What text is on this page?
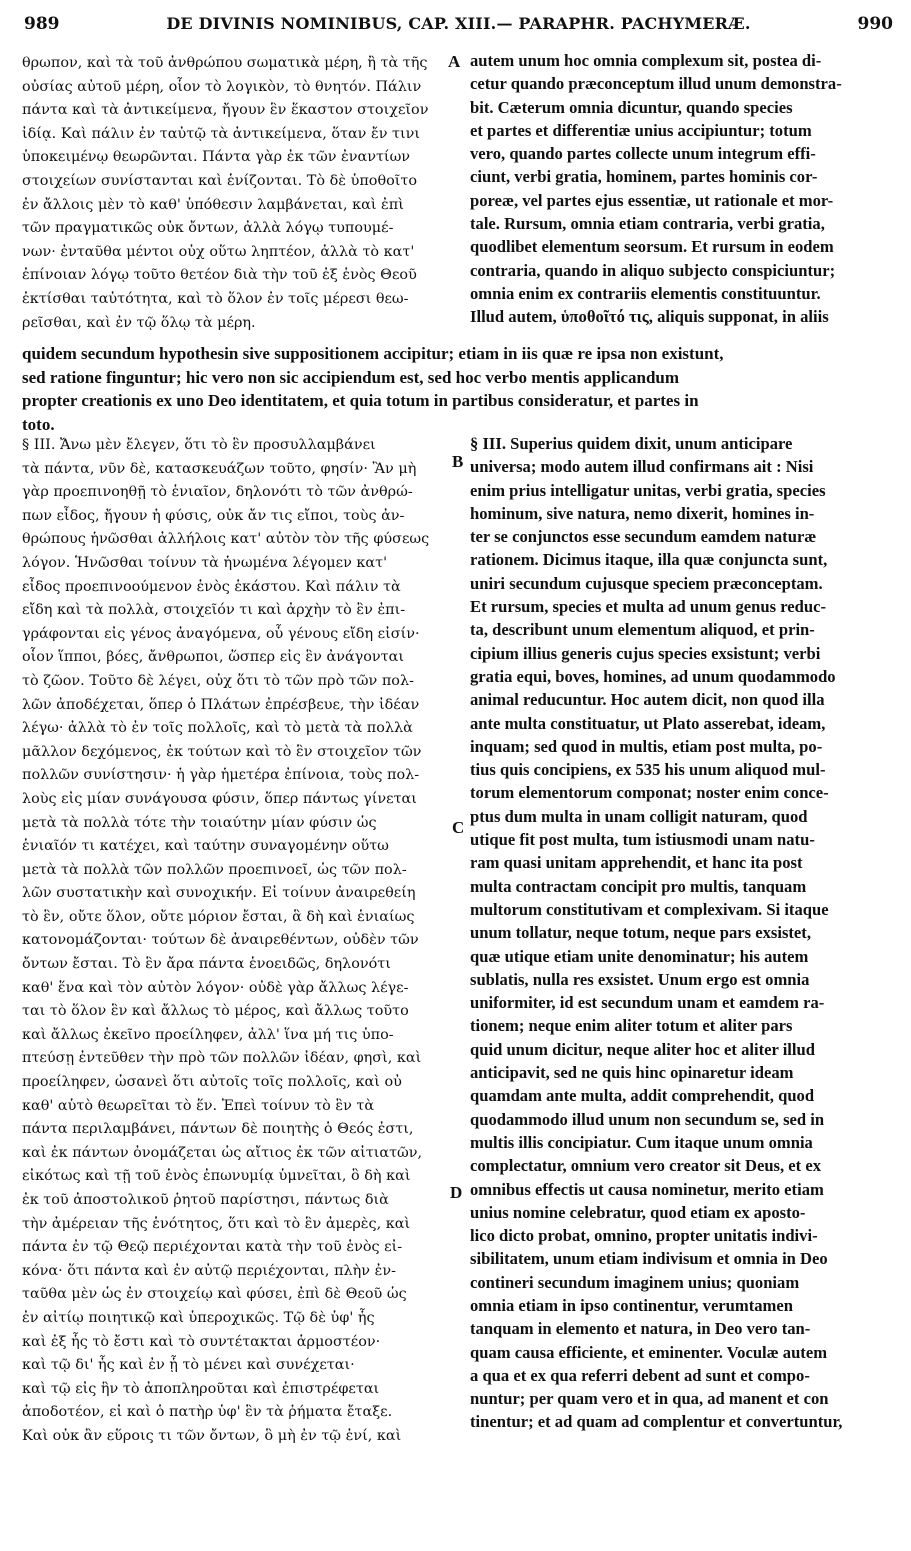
989	DE DIVINIS NOMINIBUS, CAP. XIII.— PARAPHR. PACHYMERÆ.	990
θρωπον, καὶ τὰ τοῦ ἀνθρώπου σωματικὰ μέρη, ἢ τὰ τῆς
οὐσίας αὐτοῦ μέρη, οἷον τὸ λογικὸν, τὸ θνητόν. Πάλιν
πάντα καὶ τὰ ἀντικείμενα, ἤγουν ἓν ἕκαστον στοιχεῖον
ἰδίᾳ. Καὶ πάλιν ἐν ταὐτῷ τὰ ἀντικείμενα, ὅταν ἔν τινι
ὑποκειμένῳ θεωρῶνται. Πάντα γὰρ ἐκ τῶν ἐναντίων
στοιχείων συνίστανται καὶ ἑνίζονται. Τὸ δὲ ὑποθοῖτο
ἐν ἄλλοις μὲν τὸ καθ' ὑπόθεσιν λαμβάνεται, καὶ ἐπὶ
τῶν πραγματικῶς οὐκ ὄντων, ἀλλὰ λόγῳ τυπουμέ-
νων· ἐνταῦθα μέντοι οὐχ οὕτω ληπτέον, ἀλλὰ τὸ κατ'
ἐπίνοιαν λόγῳ τοῦτο θετέον διὰ τὴν τοῦ ἐξ ἑνὸς Θεοῦ
ἐκτίσθαι ταὐτότητα, καὶ τὸ ὅλον ἐν τοῖς μέρεσι θεω-
ρεῖσθαι, καὶ ἐν τῷ ὅλῳ τὰ μέρη.
autem unum hoc omnia complexum sit, postea di-
cetur quando præconceptum illud unum demonstra-
bit. Cæterum omnia dicuntur, quando species
et partes et differentiæ unius accipiuntur; totum
vero, quando partes collecte unum integrum effi-
ciunt, verbi gratia, hominem, partes hominis cor-
poreæ, vel partes ejus essentiæ, ut rationale et mor-
tale. Rursum, omnia etiam contraria, verbi gratia,
quodlibet elementum seorsum. Et rursum in eodem
contraria, quando in aliquo subjecto conspiciuntur;
omnia enim ex contrariis elementis constituuntur.
Illud autem, ὑποθοῖτό τις, aliquis supponat, in aliis
A
quidem secundum hypothesin sive suppositionem accipitur; etiam in iis quæ re ipsa non existunt,
sed ratione finguntur; hic vero non sic accipiendum est, sed hoc verbo mentis applicandum
propter creationis ex uno Deo identitatem, et quia totum in partibus consideratur, et partes in
toto.
§ III. Ἄνω μὲν ἔλεγεν, ὅτι τὸ ἓν προσυλλαμβάνει
τὰ πάντα, νῦν δὲ, κατασκευάζων τοῦτο, φησίν· Ἂν μὴ
γὰρ προεπινοηθῇ τὸ ἑνιαῖον, δηλονότι τὸ τῶν ἀνθρώ-
πων εἶδος, ἤγουν ἡ φύσις, οὐκ ἄν τις εἴποι, τοὺς ἀν-
θρώπους ἡνῶσθαι ἀλλήλοις κατ' αὐτὸν τὸν τῆς φύσεως
λόγον. Ἡνῶσθαι τοίνυν τὰ ἡνωμένα λέγομεν κατ'
εἶδος προεπινοούμενον ἑνὸς ἑκάστου. Καὶ πάλιν τὰ
εἴδη καὶ τὰ πολλὰ, στοιχεῖόν τι καὶ ἀρχὴν τὸ ἓν ἐπι-
γράφονται εἰς γένος ἀναγόμενα, οὗ γένους εἴδη εἰσίν·
οἷον ἵπποι, βόες, ἄνθρωποι, ὥσπερ εἰς ἓν ἀνάγονται
τὸ ζῶον. Τοῦτο δὲ λέγει, οὐχ ὅτι τὸ τῶν πρὸ τῶν πολ-
λῶν ἀποδέχεται, ὅπερ ὁ Πλάτων ἐπρέσβευε, τὴν ἰδέαν
λέγω· ἀλλὰ τὸ ἐν τοῖς πολλοῖς, καὶ τὸ μετὰ τὰ πολλὰ
μᾶλλον δεχόμενος, ἐκ τούτων καὶ τὸ ἓν στοιχεῖον τῶν
πολλῶν συνίστησιν· ἡ γὰρ ἡμετέρα ἐπίνοια, τοὺς πολ-
λοὺς εἰς μίαν συνάγουσα φύσιν, ὅπερ πάντως γίνεται
μετὰ τὰ πολλὰ τότε τὴν τοιαύτην μίαν φύσιν ὡς
ἑνιαῖόν τι κατέχει, καὶ ταύτην συναγομένην οὕτω
μετὰ τὰ πολλὰ τῶν πολλῶν προεπινοεῖ, ὡς τῶν πολ-
λῶν συστατικὴν καὶ συνοχικήν. Εἰ τοίνυν ἀναιρεθείη
τὸ ἓν, οὔτε ὅλον, οὔτε μόριον ἔσται, ἃ δὴ καὶ ἑνιαίως
κατονομάζονται· τούτων δὲ ἀναιρεθέντων, οὐδὲν τῶν
ὄντων ἔσται. Τὸ ἓν ἄρα πάντα ἑνοειδῶς, δηλονότι
καθ' ἕνα καὶ τὸν αὐτὸν λόγον· οὐδὲ γὰρ ἄλλως λέγε-
ται τὸ ὅλον ἓν καὶ ἄλλως τὸ μέρος, καὶ ἄλλως τοῦτο
καὶ ἄλλως ἐκεῖνο προείληφεν, ἀλλ' ἵνα μή τις ὑπο-
πτεύσῃ ἐντεῦθεν τὴν πρὸ τῶν πολλῶν ἰδέαν, φησὶ, καὶ
προείληφεν, ὡσανεὶ ὅτι αὐτοῖς τοῖς πολλοῖς, καὶ οὐ
καθ' αὑτὸ θεωρεῖται τὸ ἕν. Ἐπεὶ τοίνυν τὸ ἓν τὰ
πάντα περιλαμβάνει, πάντων δὲ ποιητὴς ὁ Θεός ἐστι,
καὶ ἐκ πάντων ὀνομάζεται ὡς αἴτιος ἐκ τῶν αἰτιατῶν,
εἰκότως καὶ τῇ τοῦ ἑνὸς ἐπωνυμίᾳ ὑμνεῖται, ὃ δὴ καὶ
ἐκ τοῦ ἀποστολικοῦ ῥητοῦ παρίστησι, πάντως διὰ
τὴν ἀμέρειαν τῆς ἑνότητος, ὅτι καὶ τὸ ἓν ἀμερὲς, καὶ
πάντα ἐν τῷ Θεῷ περιέχονται κατὰ τὴν τοῦ ἑνὸς εἰ-
κόνα· ὅτι πάντα καὶ ἐν αὐτῷ περιέχονται, πλὴν ἐν-
ταῦθα μὲν ὡς ἐν στοιχείῳ καὶ φύσει, ἐπὶ δὲ Θεοῦ ὡς
ἐν αἰτίῳ ποιητικῷ καὶ ὑπεροχικῶς. Τῷ δὲ ὑφ' ἧς
καὶ ἐξ ἧς τὸ ἔστι καὶ τὸ συντέτακται ἁρμοστέον·
καὶ τῷ δι' ἧς καὶ ἐν ᾗ τὸ μένει καὶ συνέχεται·
καὶ τῷ εἰς ἣν τὸ ἀποπληροῦται καὶ ἐπιστρέφεται
ἀποδοτέον, εἰ καὶ ὁ πατὴρ ὑφ' ἓν τὰ ῥήματα ἔταξε.
Καὶ οὐκ ἂν εὕροις τι τῶν ὄντων, ὃ μὴ ἐν τῷ ἑνί, καὶ
§ III. Superius quidem dixit, unum anticipare
universa; modo autem illud confirmans ait : Nisi
enim prius intelligatur unitas, verbi gratia, species
hominum, sive natura, nemo dixerit, homines in-
ter se conjunctos esse secundum eamdem naturæ
rationem. Dicimus itaque, illa quæ conjuncta sunt,
uniri secundum cujusque speciem præconceptam.
Et rursum, species et multa ad unum genus reduc-
ta, describunt unum elementum aliquod, et prin-
cipium illius generis cujus species exsistunt; verbi
gratia equi, boves, homines, ad unum quodammodo
animal reducuntur. Hoc autem dicit, non quod illa
ante multa constituatur, ut Plato asserebat, ideam,
inquam; sed quod in multis, etiam post multa, po-
tius quis concipiens, ex 535 his unum aliquod mul-
torum elementorum componat; noster enim conce-
ptus dum multa in unam colligit naturam, quod
utique fit post multa, tum istiusmodi unam natu-
ram quasi unitam apprehendit, et hanc ita post
multa contractam concipit pro multis, tanquam
multorum constitutivam et complexivam. Si itaque
unum tollatur, neque totum, neque pars exsistet,
quæ utique etiam unite denominatur; his autem
sublatis, nulla res exsistet. Unum ergo est omnia
uniformiter, id est secundum unam et eamdem ra-
tionem; neque enim aliter totum et aliter pars
quid unum dicitur, neque aliter hoc et aliter illud
anticipavit, sed ne quis hinc opinaretur ideam
quamdam ante multa, addit comprehendit, quod
quodammodo illud unum non secundum se, sed in
multis illis concipiatur. Cum itaque unum omnia
complectatur, omnium vero creator sit Deus, et ex
omnibus effectis ut causa nominetur, merito etiam
unius nomine celebratur, quod etiam ex aposto-
lico dicto probat, omnino, propter unitatis indivi-
sibilitatem, unum etiam indivisum et omnia in Deo
contineri secundum imaginem unius; quoniam
omnia etiam in ipso continentur, verumtamen
tanquam in elemento et natura, in Deo vero tan-
quam causa efficiente, et eminenter. Voculæ autem
a qua et ex qua referri debent ad sunt et compo-
nuntur; per quam vero et in qua, ad manent et con
tinentur; et ad quam ad complentur et convertuntur,
B
C
D
